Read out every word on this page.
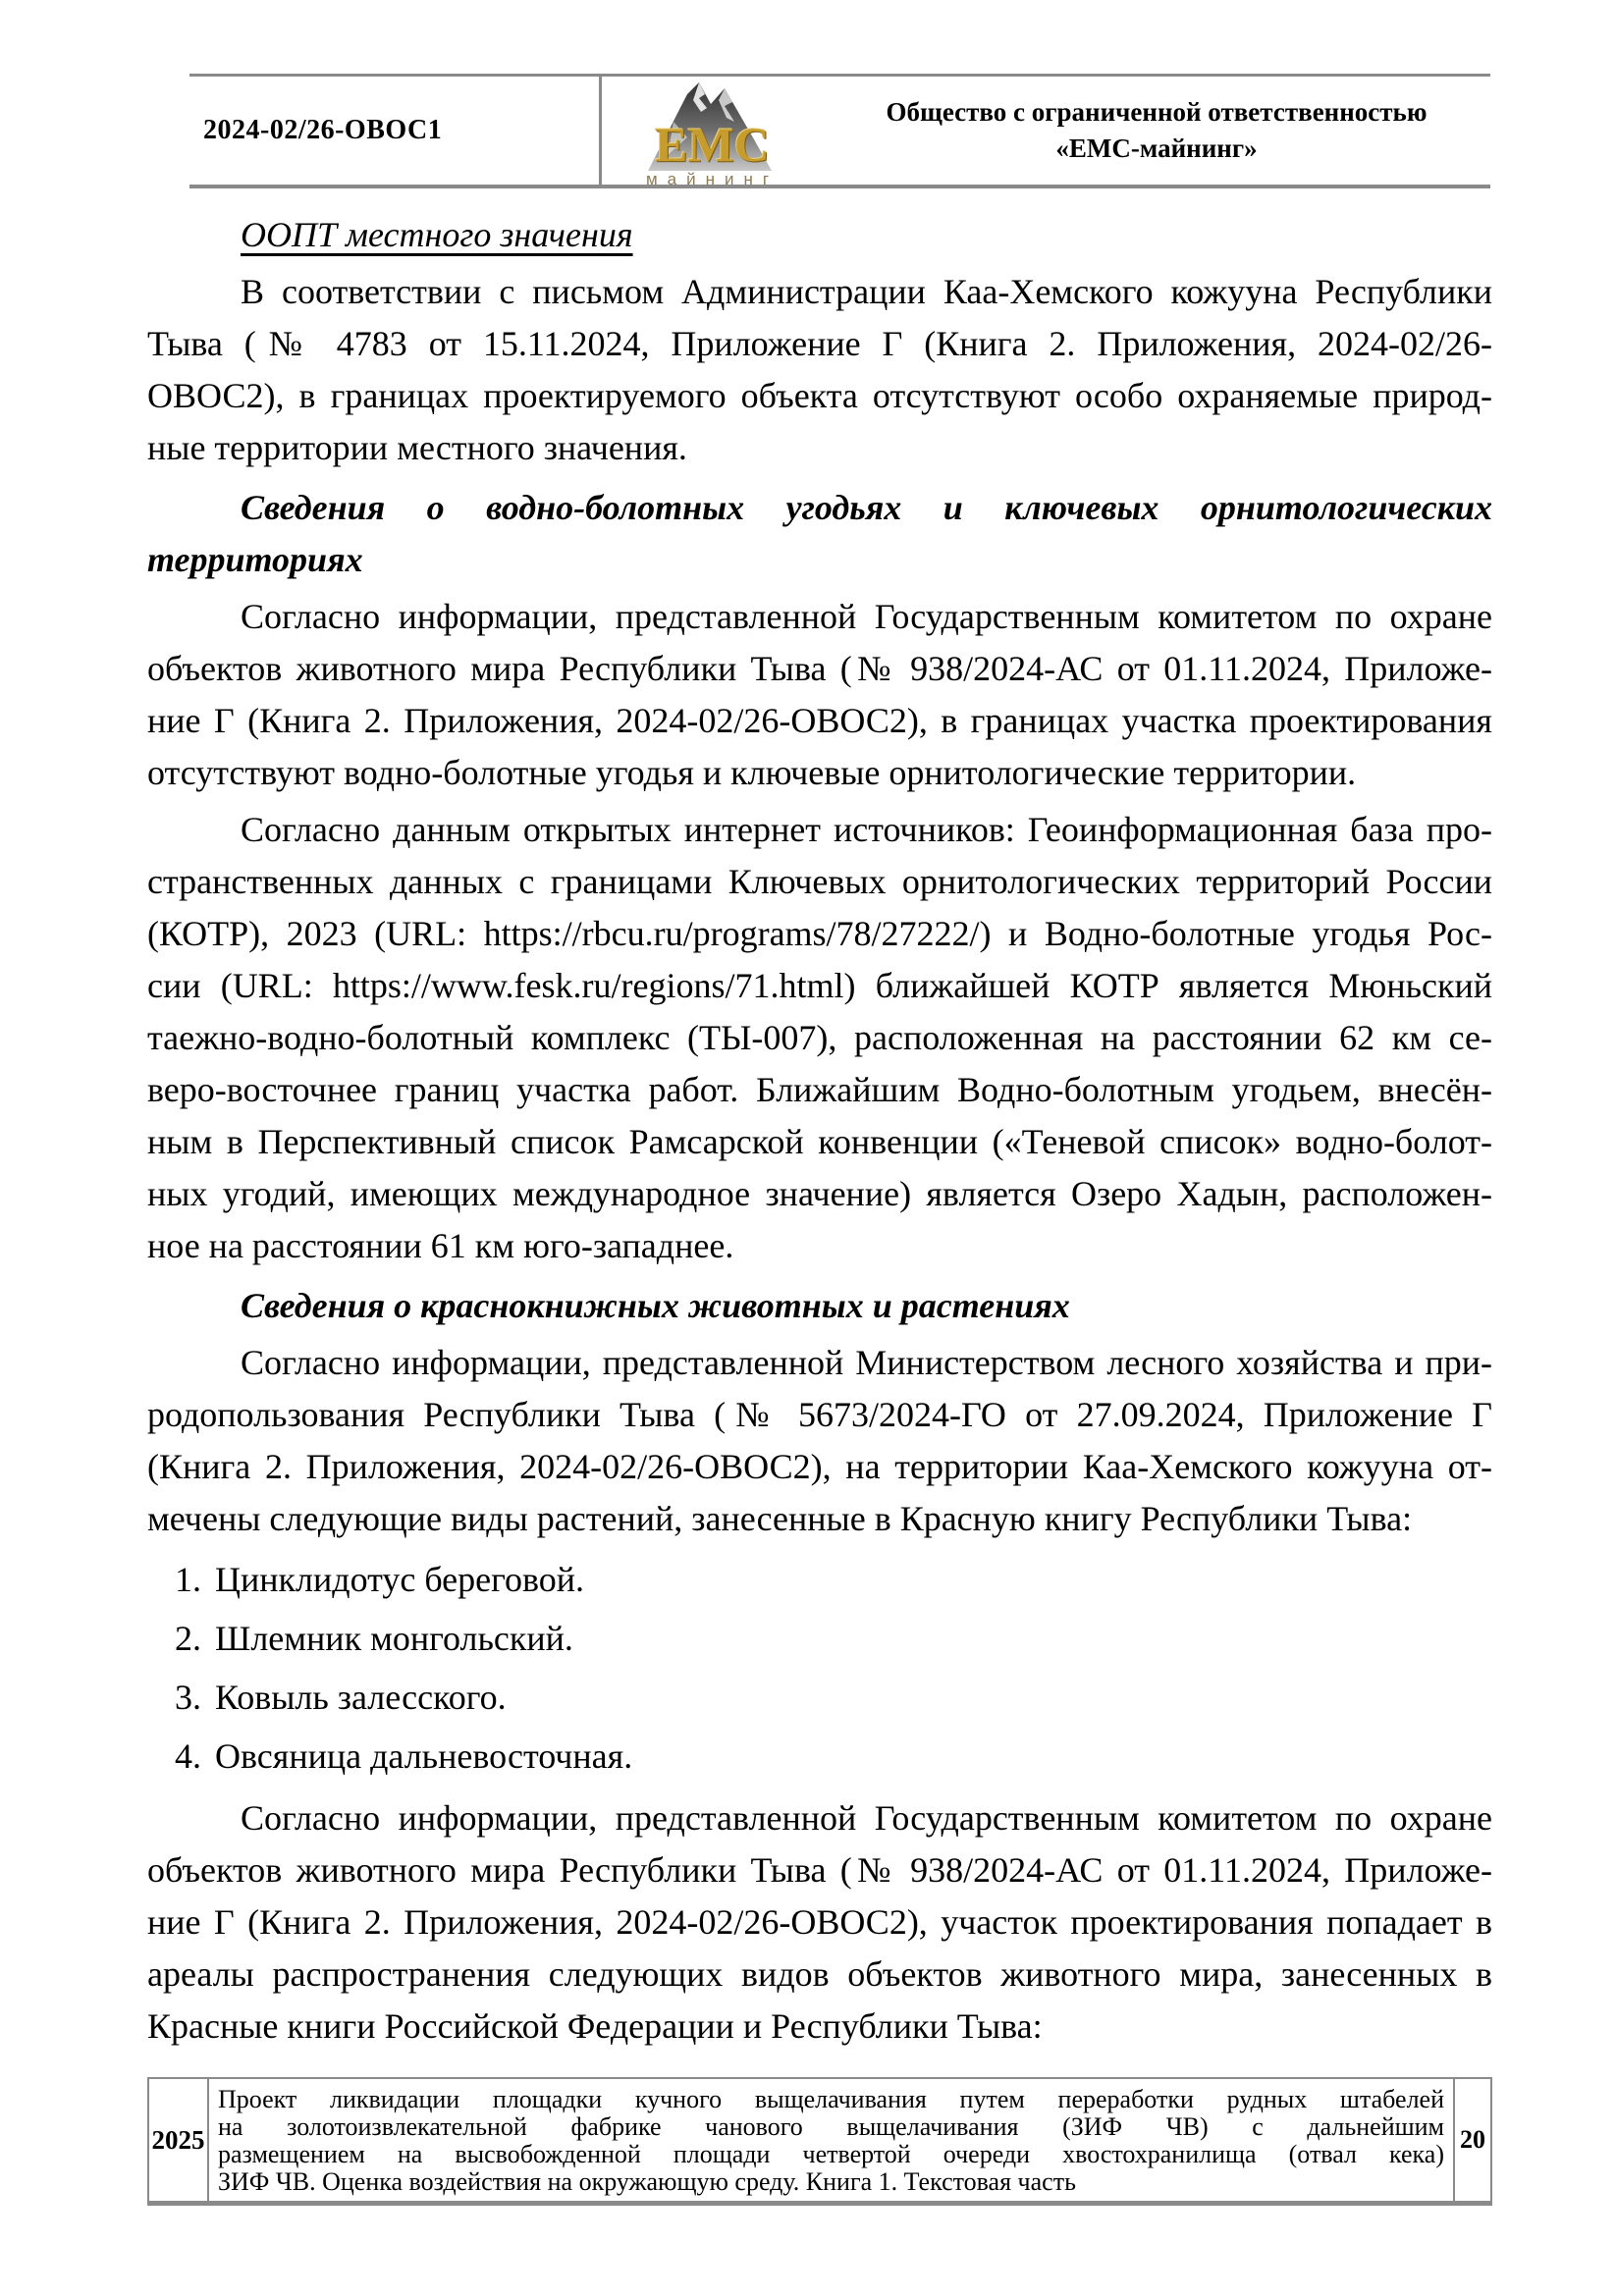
2024-02/26-ОВОС1	ЕМС
майнинг
Общество с ограниченной ответственностью
«ЕМС-майнинг»
ООПТ местного значения
В соответствии с письмом Администрации Каа-Хемского кожууна Республики
Тыва (№ 4783 от 15.11.2024, Приложение Г (Книга 2. Приложения, 2024-02/26-
ОВОС2), в границах проектируемого объекта отсутствуют особо охраняемые природ-
ные территории местного значения.
Сведения о водно-болотных угодьях и ключевых орнитологических
территориях
Согласно информации, представленной Государственным комитетом по охране
объектов животного мира Республики Тыва (№ 938/2024-АС от 01.11.2024, Приложе-
ние Г (Книга 2. Приложения, 2024-02/26-ОВОС2), в границах участка проектирования
отсутствуют водно-болотные угодья и ключевые орнитологические территории.
Согласно данным открытых интернет источников: Геоинформационная база про-
странственных данных с границами Ключевых орнитологических территорий России
(КОТР), 2023 (URL: https://rbcu.ru/programs/78/27222/) и Водно-болотные угодья Рос-
сии (URL: https://www.fesk.ru/regions/71.html) ближайшей КОТР является Мюньский
таежно-водно-болотный комплекс (ТЫ-007), расположенная на расстоянии 62 км се-
веро-восточнее границ участка работ. Ближайшим Водно-болотным угодьем, внесён-
ным в Перспективный список Рамсарской конвенции («Теневой список» водно-болот-
ных угодий, имеющих международное значение) является Озеро Хадын, расположен-
ное на расстоянии 61 км юго-западнее.
Сведения о краснокнижных животных и растениях
Согласно информации, представленной Министерством лесного хозяйства и при-
родопользования Республики Тыва (№ 5673/2024-ГО от 27.09.2024, Приложение Г
(Книга 2. Приложения, 2024-02/26-ОВОС2), на территории Каа-Хемского кожууна от-
мечены следующие виды растений, занесенные в Красную книгу Республики Тыва:
1. Цинклидотус береговой.
2. Шлемник монгольский.
3. Ковыль залесского.
4. Овсяница дальневосточная.
Согласно информации, представленной Государственным комитетом по охране
объектов животного мира Республики Тыва (№ 938/2024-АС от 01.11.2024, Приложе-
ние Г (Книга 2. Приложения, 2024-02/26-ОВОС2), участок проектирования попадает в
ареалы распространения следующих видов объектов животного мира, занесенных в
Красные книги Российской Федерации и Республики Тыва:
2025
Проект ликвидации площадки кучного выщелачивания путем переработки рудных штабелей
на золотоизвлекательной фабрике чанового выщелачивания (ЗИФ ЧВ) с дальнейшим
размещением на высвобожденной площади четвертой очереди хвостохранилища (отвал кека)
ЗИФ ЧВ. Оценка воздействия на окружающую среду. Книга 1. Текстовая часть
20
